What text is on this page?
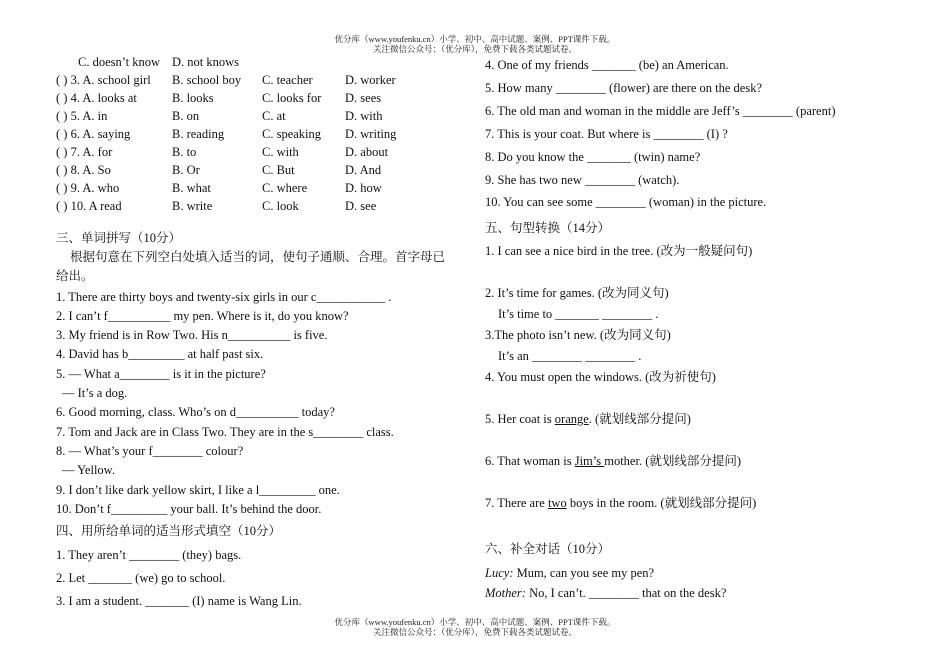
优分库（www.youfenku.cn）小学、初中、高中试题、案例、PPT课件下载。
关注微信公众号：（优分库），免费下载各类试题试卷。
C. doesn’t know D. not knows
( ) 3. A. school girl B. school boy C. teacher	D. worker
( ) 4. A. looks at	B. looks	C. looks for D. sees
( ) 5. A. in	B. on	C. at	D. with
( ) 6. A. saying	B. reading	C. speaking D. writing
( ) 7. A. for	B. to	C. with	D. about
( ) 8. A. So	B. Or	C. But	D. And
( ) 9. A. who	B. what	C. where	D. how
( ) 10. A read	B. write	C. look	D. see
三、单词拼写（10分）
根据句意在下列空白处填入适当的词，使句子通顺、合理。首字母已
给出。
1. There are thirty boys and twenty-six girls in our c___________ .
2. I can’t f__________ my pen. Where is it, do you know?
3. My friend is in Row Two. His n__________ is five.
4. David has b_________ at half past six.
5. — What a________ is it in the picture?
— It’s a dog.
6. Good morning, class. Who’s on d__________ today?
7. Tom and Jack are in Class Two. They are in the s________ class.
8. — What’s your f________ colour?
— Yellow.
9. I don’t like dark yellow skirt, I like a l_________ one.
10. Don’t f_________ your ball. It’s behind the door.
四、用所给单词的适当形式填空（10分）
1. They aren’t ________ (they) bags.
2. Let _______ (we) go to school.
3. I am a student. _______ (I) name is Wang Lin.
4. One of my friends _______ (be) an American.
5. How many ________ (flower) are there on the desk?
6. The old man and woman in the middle are Jeff’s ________ (parent)
7. This is your coat. But where is ________ (I) ?
8. Do you know the _______ (twin) name?
9. She has two new ________ (watch).
10. You can see some ________ (woman) in the picture.
五、句型转换（14分）
1. I can see a nice bird in the tree. (改为一般疑问句)
2. It’s time for games. (改为同义句)
It’s time to _______ ________ .
3.The photo isn’t new. (改为同义句)
It’s an ________ ________ .
4. You must open the windows. (改为祈使句)
5. Her coat is orange. (就划线部分提问)
6. That woman is Jim’s mother. (就划线部分提问)
7. There are two boys in the room. (就划线部分提问)
六、补全对话（10分）
Lucy: Mum, can you see my pen?
Mother: No, I can’t. ________ that on the desk?
优分库（www.youfenku.cn）小学、初中、高中试题、案例、PPT课件下载。
关注微信公众号：（优分库），免费下载各类试题试卷。
